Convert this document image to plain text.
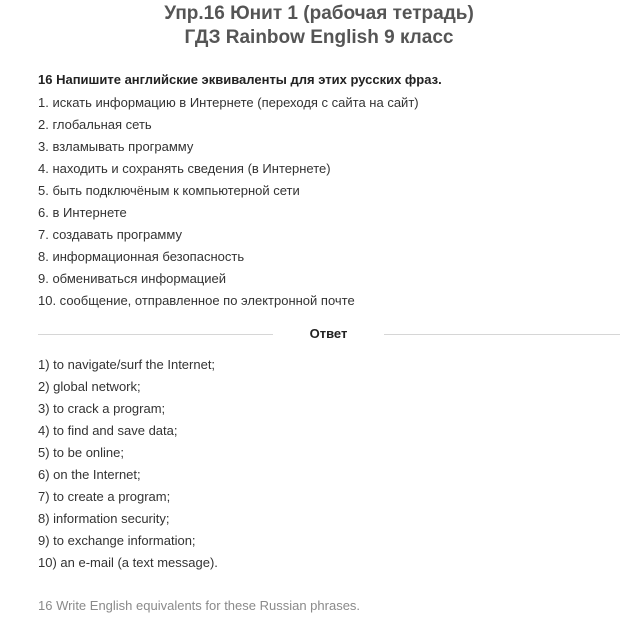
Упр.16 Юнит 1 (рабочая тетрадь)
ГДЗ Rainbow English 9 класс
16 Напишите английские эквиваленты для этих русских фраз.
1. искать информацию в Интернете (переходя с сайта на сайт)
2. глобальная сеть
3. взламывать программу
4. находить и сохранять сведения (в Интернете)
5. быть подключёным к компьютерной сети
6. в Интернете
7. создавать программу
8. информационная безопасность
9. обмениваться информацией
10. сообщение, отправленное по электронной почте
Ответ
1) to navigate/surf the Internet;
2) global network;
3) to crack a program;
4) to find and save data;
5) to be online;
6) on the Internet;
7) to create a program;
8) information security;
9) to exchange information;
10) an e-mail (a text message).
16 Write English equivalents for these Russian phrases.
